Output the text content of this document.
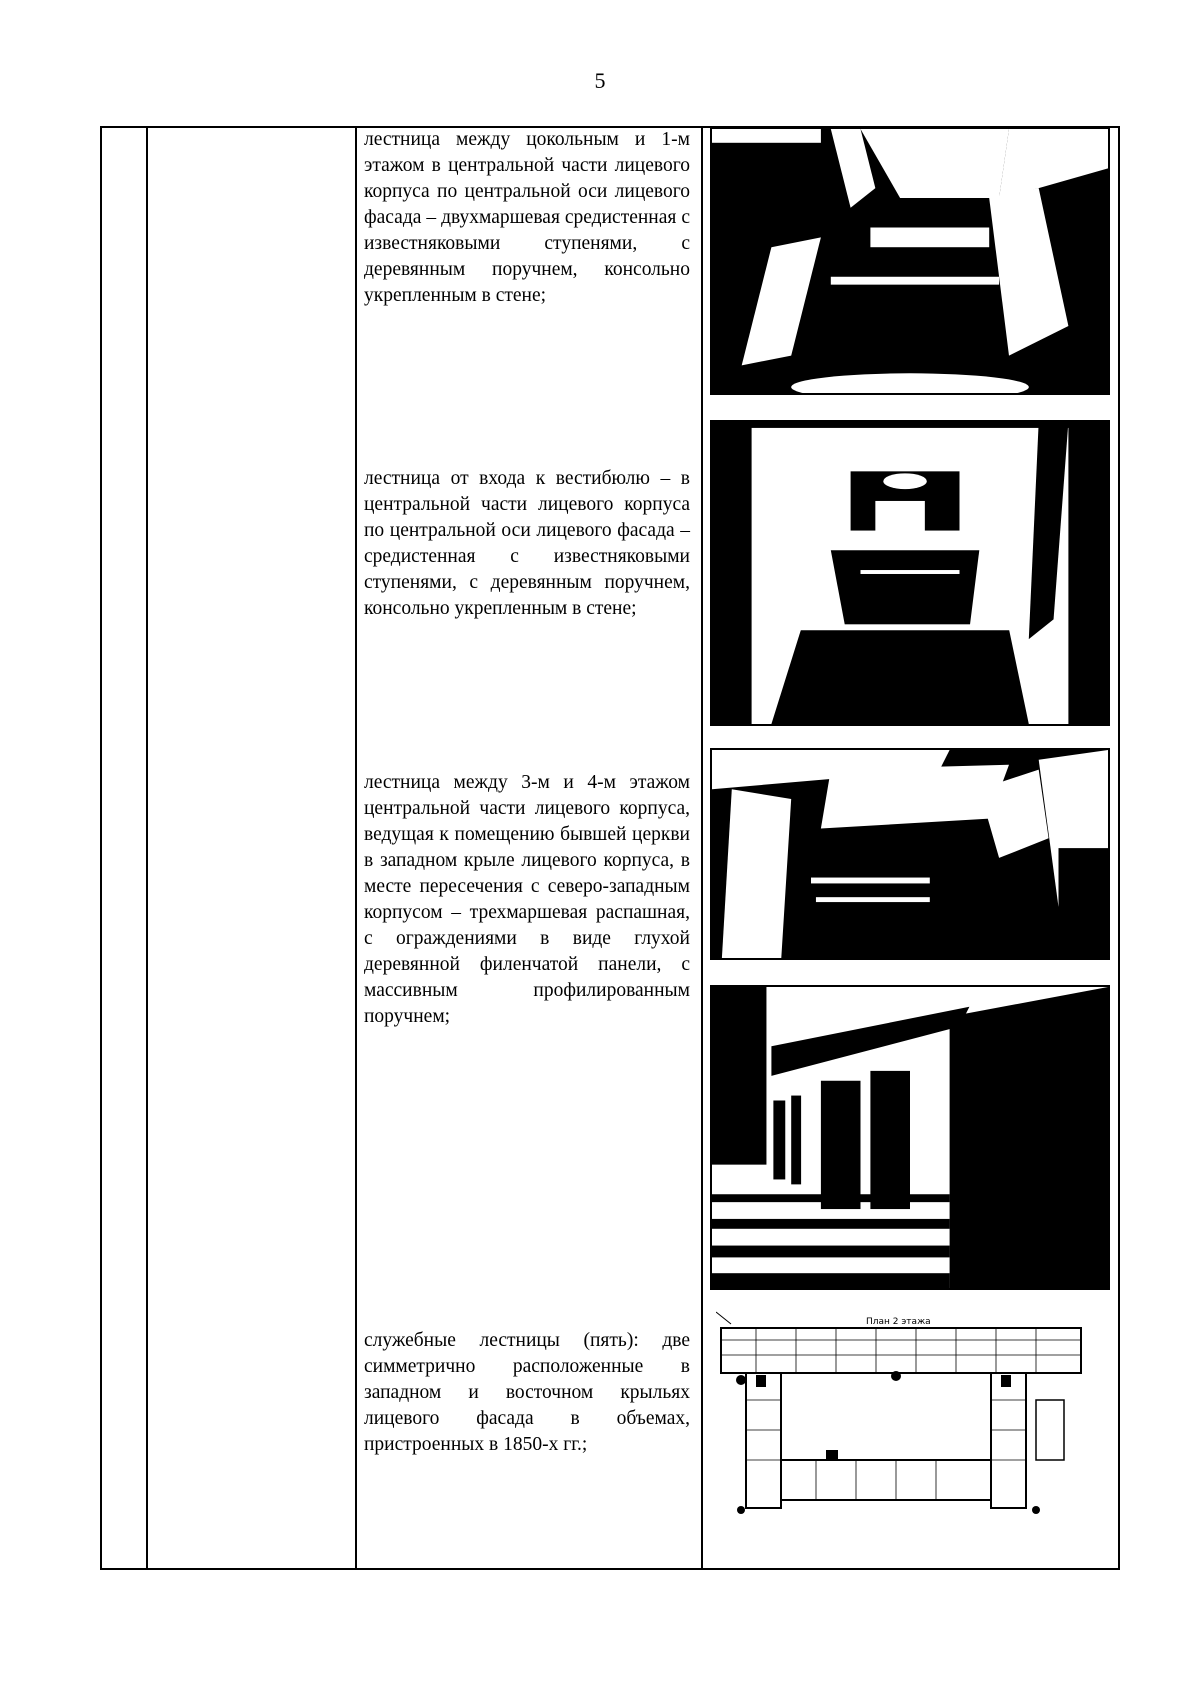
5

лестница между цокольным и 1-м этажом в центральной части лицевого корпуса по центральной оси лицевого фасада – двухмаршевая средистенная с известняковыми ступенями, с деревянным поручнем, консольно укрепленным в стене;

лестница от входа к вестибюлю – в центральной части лицевого корпуса по центральной оси лицевого фасада – средистенная с известняковыми ступенями, с деревянным поручнем, консольно укрепленным в стене;

лестница между 3-м и 4-м этажом центральной части лицевого корпуса, ведущая к помещению бывшей церкви в западном крыле лицевого корпуса, в месте пересечения с северо-западным корпусом – трехмаршевая распашная, с ограждениями в виде глухой деревянной филенчатой панели, с массивным профилированным поручнем;

служебные лестницы (пять): две симметрично расположенные в западном и восточном крыльях лицевого фасада в объемах, пристроенных в 1850-х гг.;

План 2 этажа
